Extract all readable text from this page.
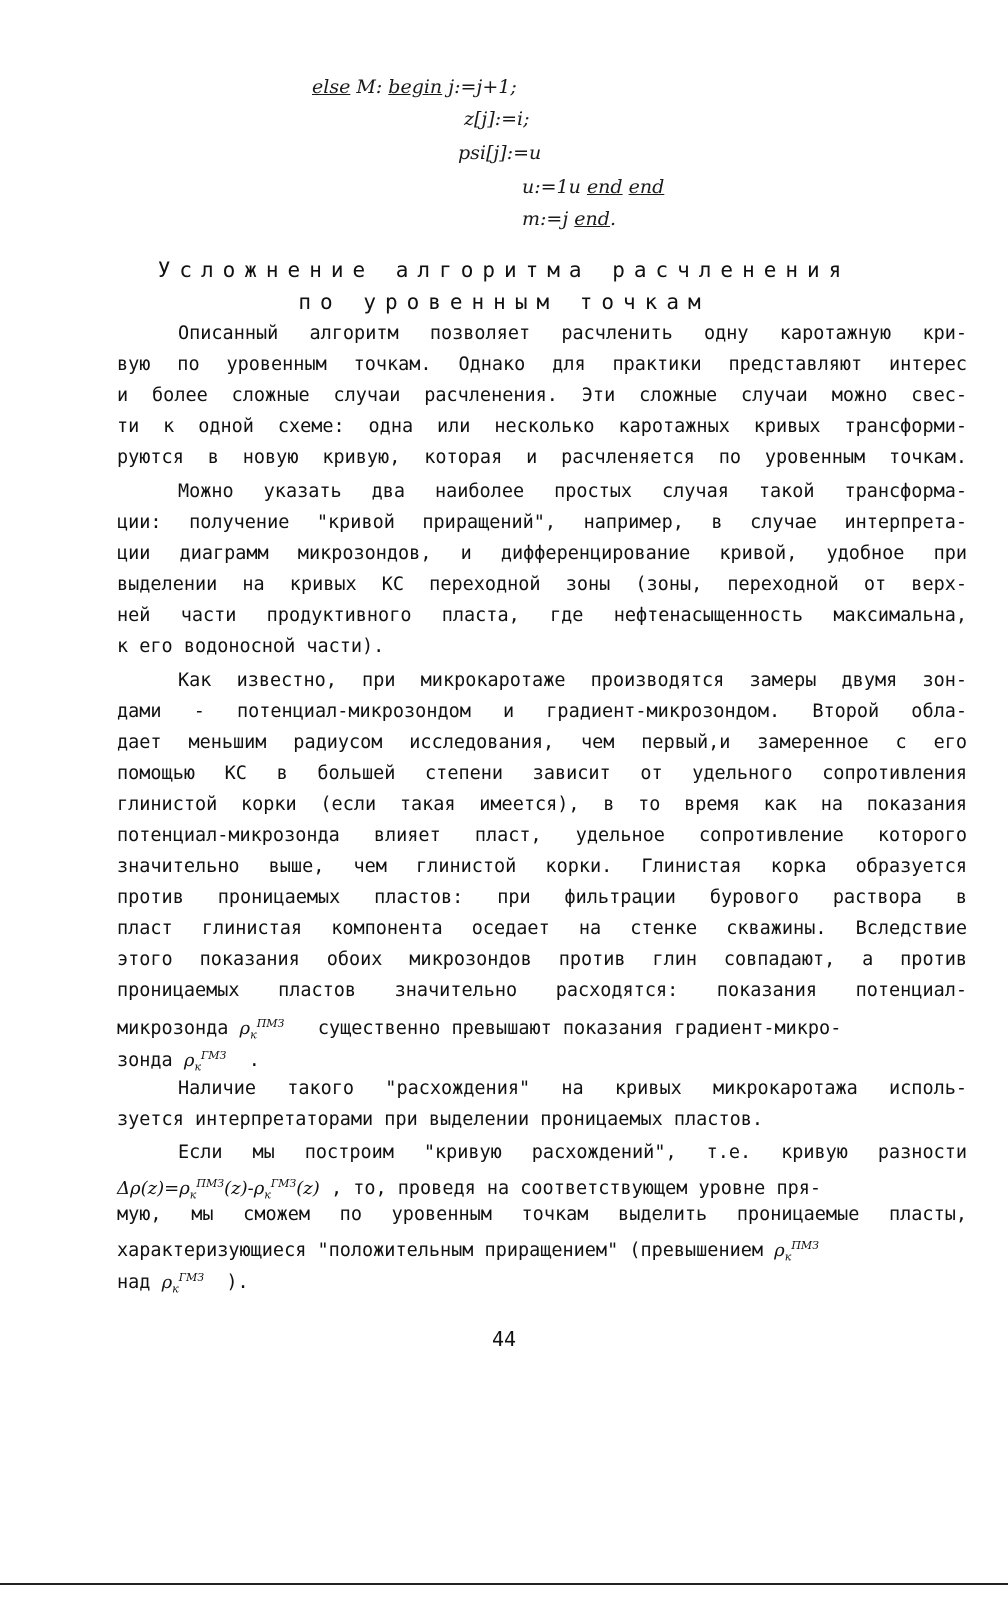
else M: begin j:=j+1;
z[j]:=i;
psi[j]:=u
u:=1u end end
m:=j end.
Усложнение алгоритма расчленения
по уровенным точкам
Описанный алгоритм позволяет расчленить одну каротажную кри-
вую по уровенным точкам. Однако для практики представляют интерес
и более сложные случаи расчленения. Эти сложные случаи можно свес-
ти к одной схеме: одна или несколько каротажных кривых трансформи-
руются в новую кривую, которая и расчленяется по уровенным точкам.
Можно указать два наиболее простых случая такой трансформа-
ции: получение "кривой приращений", например, в случае интерпрета-
ции диаграмм микрозондов, и дифференцирование кривой, удобное при
выделении на кривых КС переходной зоны (зоны, переходной от верх-
ней части продуктивного пласта, где нефтенасыщенность максимальна,
к его водоносной части).
Как известно, при микрокаротаже производятся замеры двумя зон-
дами - потенциал-микрозондом и градиент-микрозондом. Второй обла-
дает меньшим радиусом исследования, чем первый,и замеренное с его
помощью КС в большей степени зависит от удельного сопротивления
глинистой корки (если такая имеется), в то время как на показания
потенциал-микрозонда влияет пласт, удельное сопротивление которого
значительно выше, чем глинистой корки. Глинистая корка образуется
против проницаемых пластов: при фильтрации бурового раствора в
пласт глинистая компонента оседает на стенке скважины. Вследствие
этого показания обоих микрозондов против глин совпадают, а против
проницаемых пластов значительно расходятся: показания потенциал-
микрозонда $\rho_к^{ПМЗ}$ существенно превышают показания градиент-микро-
зонда $\rho_к^{ГМЗ}$ .
Наличие такого "расхождения" на кривых микрокаротажа исполь-
зуется интерпретаторами при выделении проницаемых пластов.
Если мы построим "кривую расхождений", т.е. кривую разности
$\Delta\rho(z)=\rho_к^{ПМЗ}(z)-\rho_к^{ГМЗ}(z)$ , то, проведя на соответствующем уровне пря-
мую, мы сможем по уровенным точкам выделить проницаемые пласты,
характеризующиеся "положительным приращением" (превышением $\rho_к^{ПМЗ}$
над $\rho_к^{ГМЗ}$ ).
44
